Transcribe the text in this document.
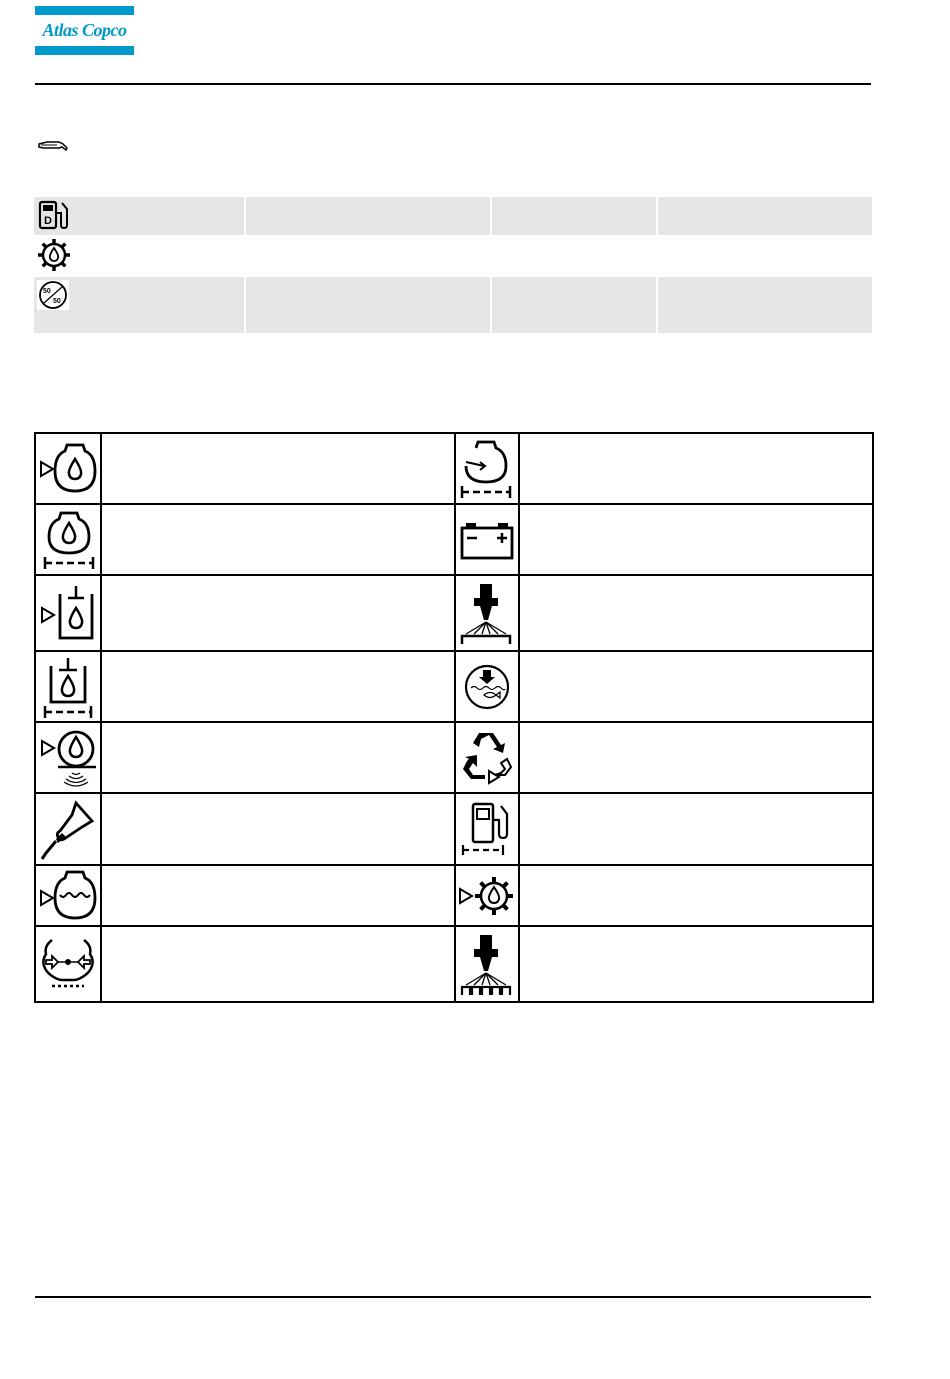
Atlas Copco
D
50
50
